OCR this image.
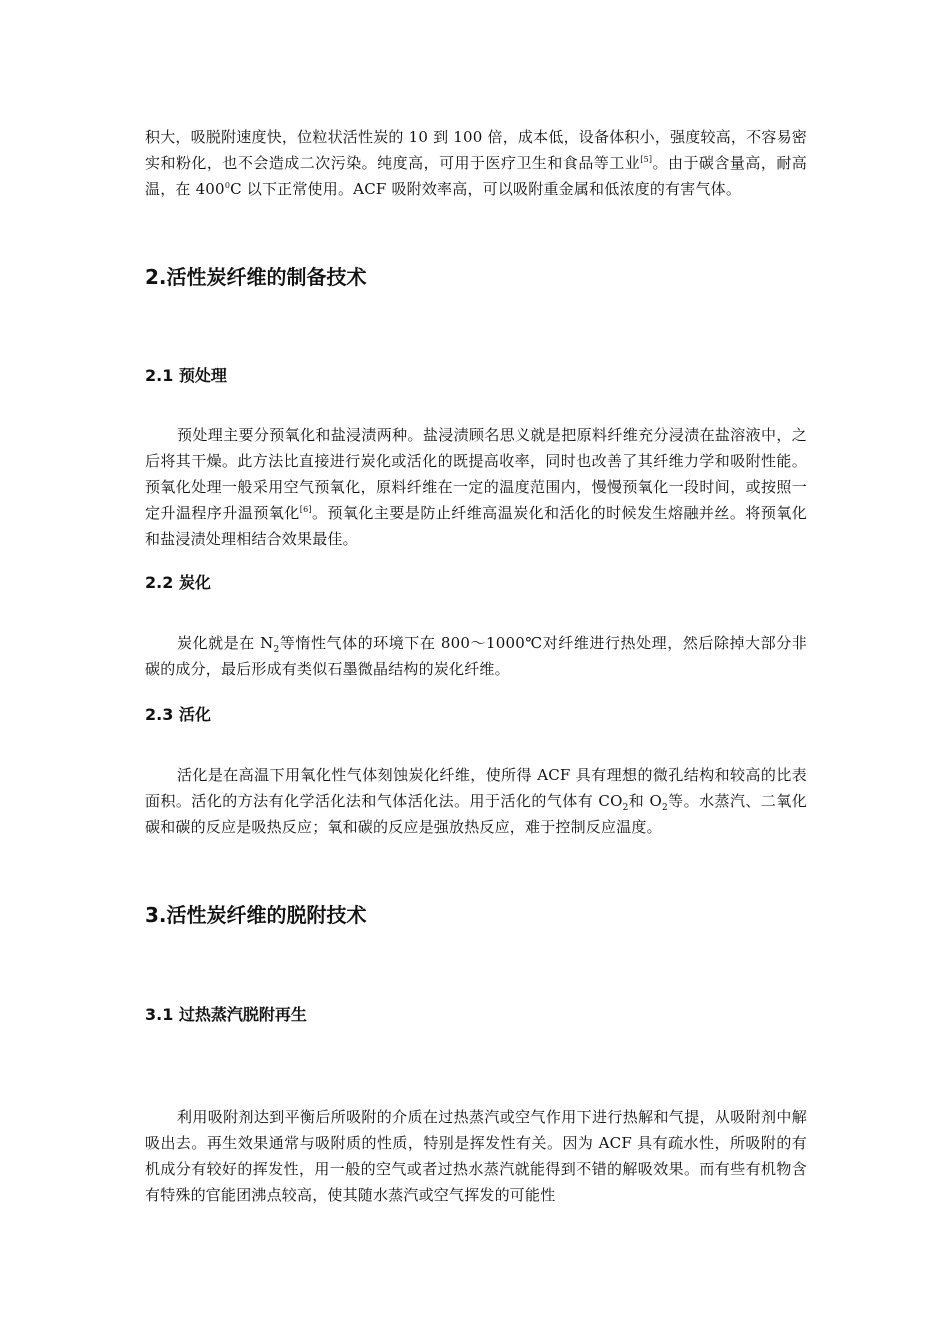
积大，吸脱附速度快，位粒状活性炭的 10 到 100 倍，成本低，设备体积小，强度较高，不容易密实和粉化，也不会造成二次污染。纯度高，可用于医疗卫生和食品等工业[5]。由于碳含量高，耐高温，在 $400^0C$ 以下正常使用。ACF 吸附效率高，可以吸附重金属和低浓度的有害气体。

2.活性炭纤维的制备技术
2.1 预处理

预处理主要分预氧化和盐浸渍两种。盐浸渍顾名思义就是把原料纤维充分浸渍在盐溶液中，之后将其干燥。此方法比直接进行炭化或活化的既提高收率，同时也改善了其纤维力学和吸附性能。预氧化处理一般采用空气预氧化，原料纤维在一定的温度范围内，慢慢预氧化一段时间，或按照一定升温程序升温预氧化[6]。预氧化主要是防止纤维高温炭化和活化的时候发生熔融并丝。将预氧化和盐浸渍处理相结合效果最佳。

2.2 炭化

炭化就是在 $N_2$等惰性气体的环境下在 800～1000℃对纤维进行热处理，然后除掉大部分非碳的成分，最后形成有类似石墨微晶结构的炭化纤维。

2.3 活化

活化是在高温下用氧化性气体刻蚀炭化纤维，使所得 ACF 具有理想的微孔结构和较高的比表面积。活化的方法有化学活化法和气体活化法。用于活化的气体有 $CO_2$和 $O_2$等。水蒸汽、二氧化碳和碳的反应是吸热反应；氧和碳的反应是强放热反应，难于控制反应温度。

3.活性炭纤维的脱附技术
3.1 过热蒸汽脱附再生

利用吸附剂达到平衡后所吸附的介质在过热蒸汽或空气作用下进行热解和气提，从吸附剂中解吸出去。再生效果通常与吸附质的性质，特别是挥发性有关。因为 ACF 具有疏水性，所吸附的有机成分有较好的挥发性，用一般的空气或者过热水蒸汽就能得到不错的解吸效果。而有些有机物含有特殊的官能团沸点较高，使其随水蒸汽或空气挥发的可能性
